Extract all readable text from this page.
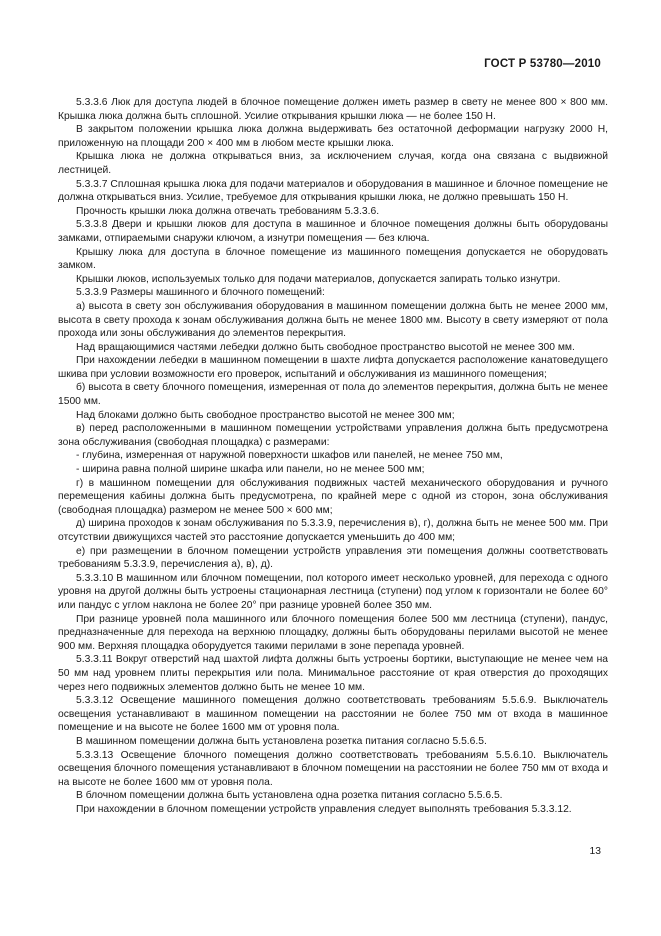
ГОСТ Р 53780—2010

5.3.3.6 Люк для доступа людей в блочное помещение должен иметь размер в свету не менее 800 × 800 мм. Крышка люка должна быть сплошной. Усилие открывания крышки люка — не более 150 Н.

В закрытом положении крышка люка должна выдерживать без остаточной деформации нагрузку 2000 Н, приложенную на площади 200 × 400 мм в любом месте крышки люка.

Крышка люка не должна открываться вниз, за исключением случая, когда она связана с выдвижной лестницей.

5.3.3.7 Сплошная крышка люка для подачи материалов и оборудования в машинное и блочное помещение не должна открываться вниз. Усилие, требуемое для открывания крышки люка, не должно превышать 150 Н.

Прочность крышки люка должна отвечать требованиям 5.3.3.6.

5.3.3.8 Двери и крышки люков для доступа в машинное и блочное помещения должны быть оборудованы замками, отпираемыми снаружи ключом, а изнутри помещения — без ключа.

Крышку люка для доступа в блочное помещение из машинного помещения допускается не оборудовать замком.

Крышки люков, используемых только для подачи материалов, допускается запирать только изнутри.

5.3.3.9 Размеры машинного и блочного помещений:

а) высота в свету зон обслуживания оборудования в машинном помещении должна быть не менее 2000 мм, высота в свету прохода к зонам обслуживания должна быть не менее 1800 мм. Высоту в свету измеряют от пола прохода или зоны обслуживания до элементов перекрытия.

Над вращающимися частями лебедки должно быть свободное пространство высотой не менее 300 мм.

При нахождении лебедки в машинном помещении в шахте лифта допускается расположение канатоведущего шкива при условии возможности его проверок, испытаний и обслуживания из машинного помещения;

б) высота в свету блочного помещения, измеренная от пола до элементов перекрытия, должна быть не менее 1500 мм.

Над блоками должно быть свободное пространство высотой не менее 300 мм;

в) перед расположенными в машинном помещении устройствами управления должна быть предусмотрена зона обслуживания (свободная площадка) с размерами:

- глубина, измеренная от наружной поверхности шкафов или панелей, не менее 750 мм,

- ширина равна полной ширине шкафа или панели, но не менее 500 мм;

г) в машинном помещении для обслуживания подвижных частей механического оборудования и ручного перемещения кабины должна быть предусмотрена, по крайней мере с одной из сторон, зона обслуживания (свободная площадка) размером не менее 500 × 600 мм;

д) ширина проходов к зонам обслуживания по 5.3.3.9, перечисления в), г), должна быть не менее 500 мм. При отсутствии движущихся частей это расстояние допускается уменьшить до 400 мм;

е) при размещении в блочном помещении устройств управления эти помещения должны соответствовать требованиям 5.3.3.9, перечисления а), в), д).

5.3.3.10 В машинном или блочном помещении, пол которого имеет несколько уровней, для перехода с одного уровня на другой должны быть устроены стационарная лестница (ступени) под углом к горизонтали не более 60° или пандус с углом наклона не более 20° при разнице уровней более 350 мм.

При разнице уровней пола машинного или блочного помещения более 500 мм лестница (ступени), пандус, предназначенные для перехода на верхнюю площадку, должны быть оборудованы перилами высотой не менее 900 мм. Верхняя площадка оборудуется такими перилами в зоне перепада уровней.

5.3.3.11 Вокруг отверстий над шахтой лифта должны быть устроены бортики, выступающие не менее чем на 50 мм над уровнем плиты перекрытия или пола. Минимальное расстояние от края отверстия до проходящих через него подвижных элементов должно быть не менее 10 мм.

5.3.3.12 Освещение машинного помещения должно соответствовать требованиям 5.5.6.9. Выключатель освещения устанавливают в машинном помещении на расстоянии не более 750 мм от входа в машинное помещение и на высоте не более 1600 мм от уровня пола.

В машинном помещении должна быть установлена розетка питания согласно 5.5.6.5.

5.3.3.13 Освещение блочного помещения должно соответствовать требованиям 5.5.6.10. Выключатель освещения блочного помещения устанавливают в блочном помещении на расстоянии не более 750 мм от входа и на высоте не более 1600 мм от уровня пола.

В блочном помещении должна быть установлена одна розетка питания согласно 5.5.6.5.

При нахождении в блочном помещении устройств управления следует выполнять требования 5.3.3.12.

13
